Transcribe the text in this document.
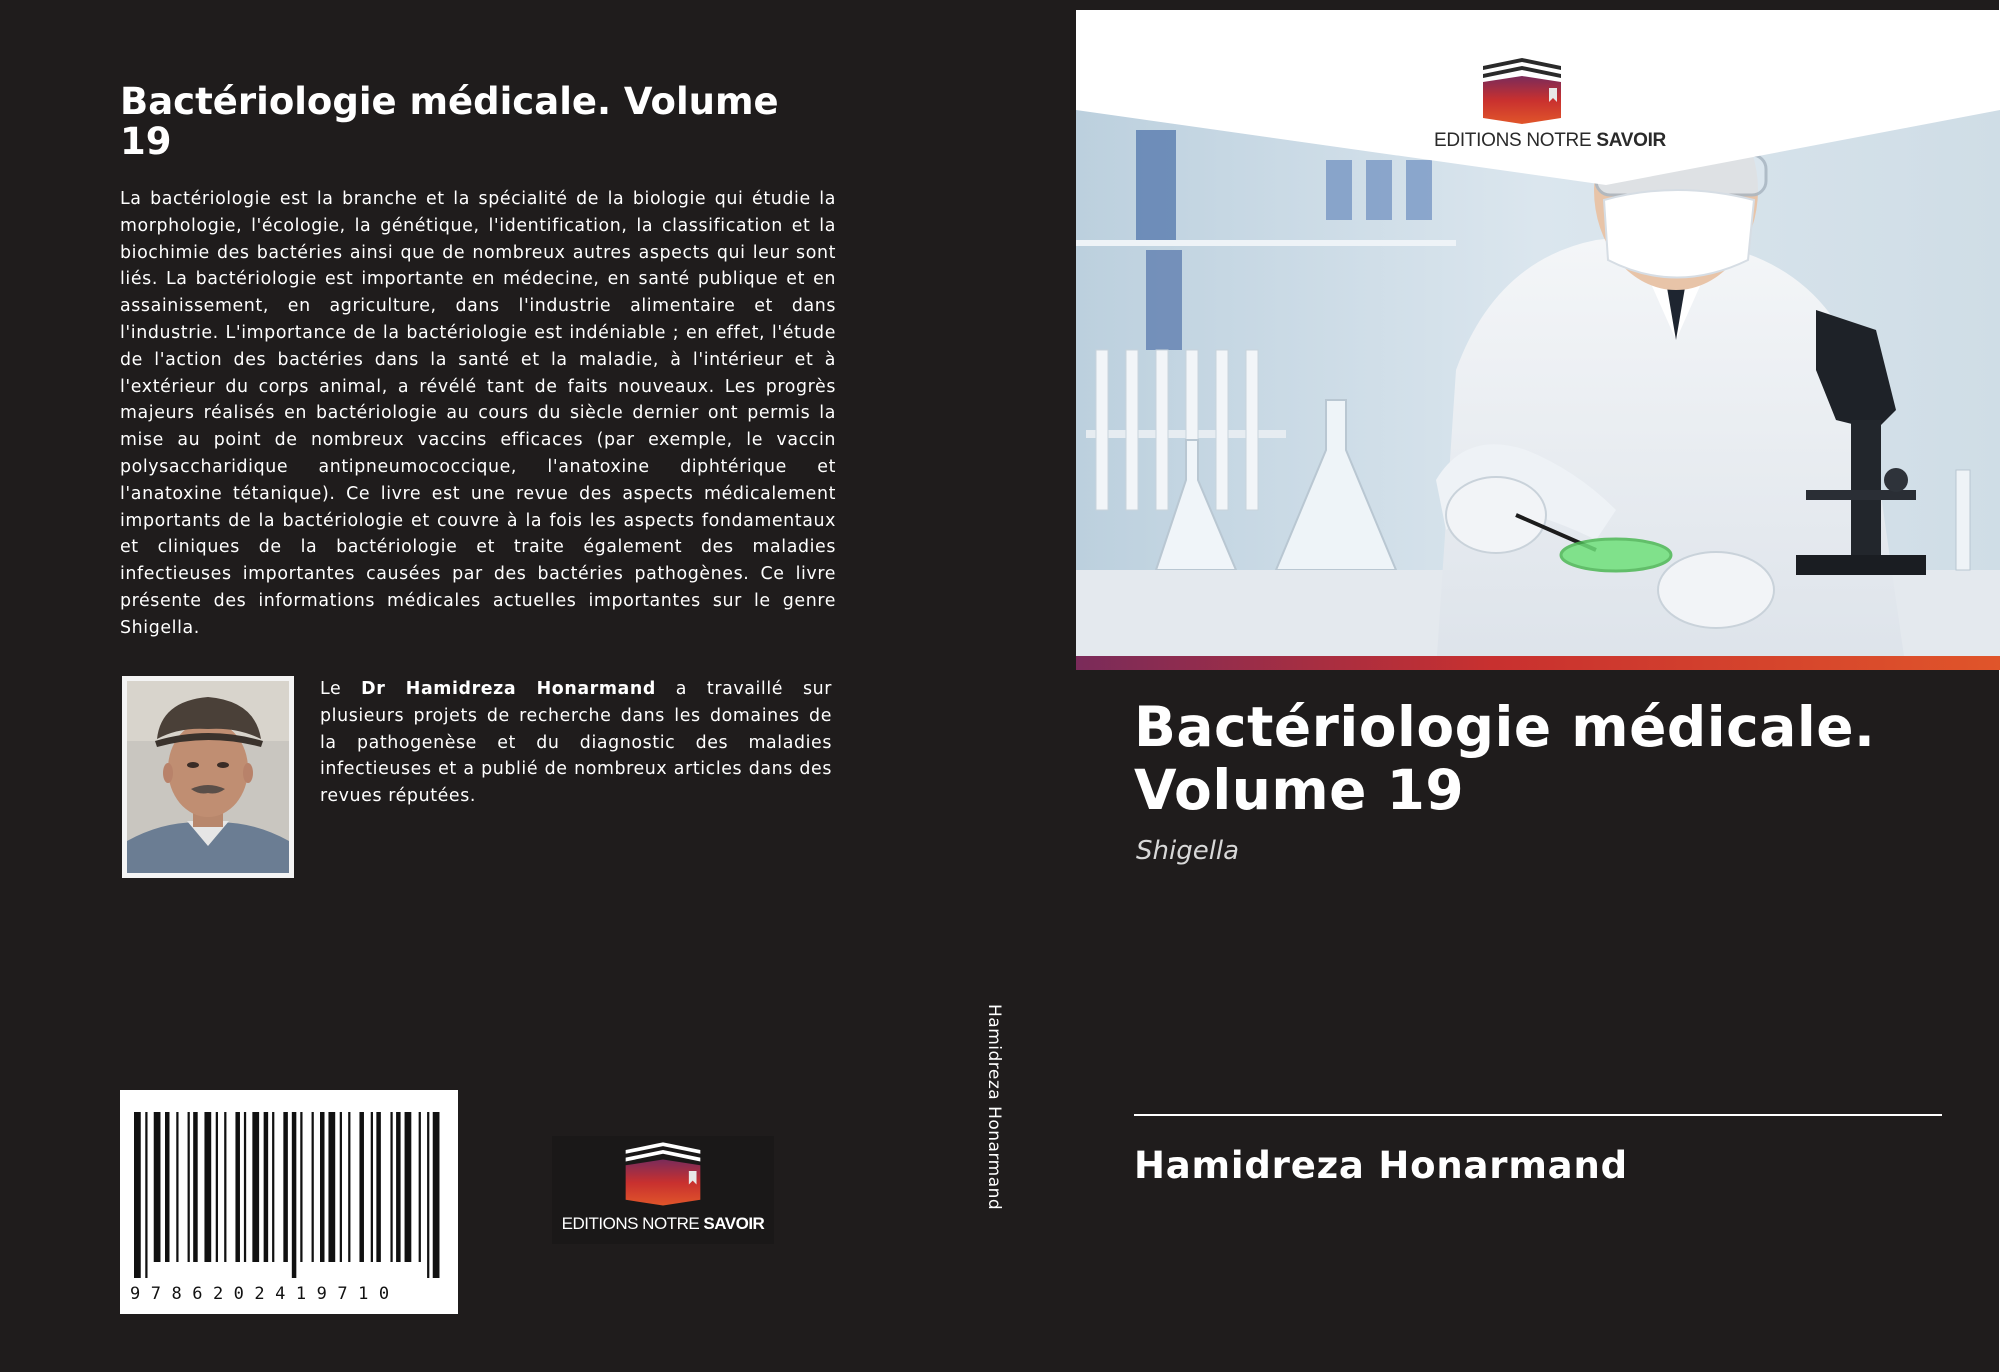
Bactériologie médicale. Volume 19

La bactériologie est la branche et la spécialité de la biologie qui étudie la morphologie, l'écologie, la génétique, l'identification, la classification et la biochimie des bactéries ainsi que de nombreux autres aspects qui leur sont liés. La bactériologie est importante en médecine, en santé publique et en assainissement, en agriculture, dans l'industrie alimentaire et dans l'industrie. L'importance de la bactériologie est indéniable ; en effet, l'étude de l'action des bactéries dans la santé et la maladie, à l'intérieur et à l'extérieur du corps animal, a révélé tant de faits nouveaux. Les progrès majeurs réalisés en bactériologie au cours du siècle dernier ont permis la mise au point de nombreux vaccins efficaces (par exemple, le vaccin polysaccharidique antipneumococcique, l'anatoxine diphtérique et l'anatoxine tétanique). Ce livre est une revue des aspects médicalement importants de la bactériologie et couvre à la fois les aspects fondamentaux et cliniques de la bactériologie et traite également des maladies infectieuses importantes causées par des bactéries pathogènes. Ce livre présente des informations médicales actuelles importantes sur le genre Shigella.

Le Dr Hamidreza Honarmand a travaillé sur plusieurs projets de recherche dans les domaines de la pathogenèse et du diagnostic des maladies infectieuses et a publié de nombreux articles dans des revues réputées.

9786202419710
EDITIONS NOTRE SAVOIR
Hamidreza Honarmand
EDITIONS NOTRE SAVOIR
Bactériologie médicale. Volume 19
Shigella
Hamidreza Honarmand
